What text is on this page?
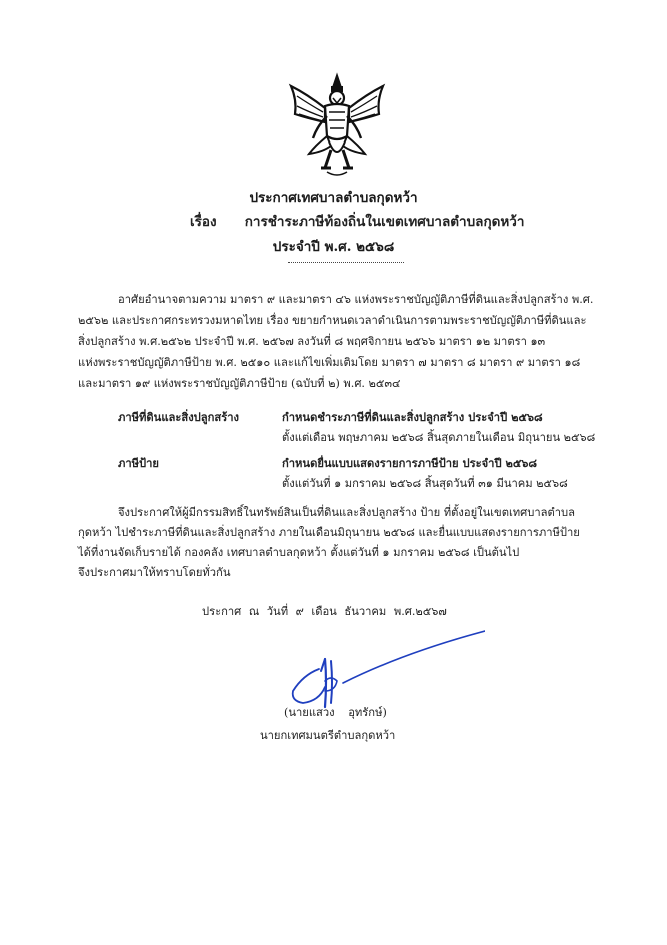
ประกาศเทศบาลตำบลกุดหว้า
เรื่อง การชำระภาษีท้องถิ่นในเขตเทศบาลตำบลกุดหว้า
ประจำปี พ.ศ. ๒๕๖๘
อาศัยอำนาจตามความ มาตรา ๙ และมาตรา ๔๖ แห่งพระราชบัญญัติภาษีที่ดินและสิ่งปลูกสร้าง พ.ศ.
๒๕๖๒ และประกาศกระทรวงมหาดไทย เรื่อง ขยายกำหนดเวลาดำเนินการตามพระราชบัญญัติภาษีที่ดินและ
สิ่งปลูกสร้าง พ.ศ.๒๕๖๒ ประจำปี พ.ศ. ๒๕๖๗ ลงวันที่ ๘ พฤศจิกายน ๒๕๖๖ มาตรา ๑๒ มาตรา ๑๓
แห่งพระราชบัญญัติภาษีป้าย พ.ศ. ๒๕๑๐ และแก้ไขเพิ่มเติมโดย มาตรา ๗ มาตรา ๘ มาตรา ๙ มาตรา ๑๘
และมาตรา ๑๙ แห่งพระราชบัญญัติภาษีป้าย (ฉบับที่ ๒) พ.ศ. ๒๕๓๔
ภาษีที่ดินและสิ่งปลูกสร้าง	กำหนดชำระภาษีที่ดินและสิ่งปลูกสร้าง ประจำปี ๒๕๖๘
ตั้งแต่เดือน พฤษภาคม ๒๕๖๘ สิ้นสุดภายในเดือน มิถุนายน ๒๕๖๘
ภาษีป้าย	กำหนดยื่นแบบแสดงรายการภาษีป้าย ประจำปี ๒๕๖๘
ตั้งแต่วันที่ ๑ มกราคม ๒๕๖๘ สิ้นสุดวันที่ ๓๑ มีนาคม ๒๕๖๘
จึงประกาศให้ผู้มีกรรมสิทธิ์ในทรัพย์สินเป็นที่ดินและสิ่งปลูกสร้าง ป้าย ที่ตั้งอยู่ในเขตเทศบาลตำบล
กุดหว้า ไปชำระภาษีที่ดินและสิ่งปลูกสร้าง ภายในเดือนมิถุนายน ๒๕๖๘ และยื่นแบบแสดงรายการภาษีป้าย
ได้ที่งานจัดเก็บรายได้ กองคลัง เทศบาลตำบลกุดหว้า ตั้งแต่วันที่ ๑ มกราคม ๒๕๖๘ เป็นต้นไป
จึงประกาศมาให้ทราบโดยทั่วกัน
ประกาศ ณ วันที่ ๙ เดือน ธันวาคม พ.ศ.๒๕๖๗
(นายแสวง อุทรักษ์)
นายกเทศมนตรีตำบลกุดหว้า
